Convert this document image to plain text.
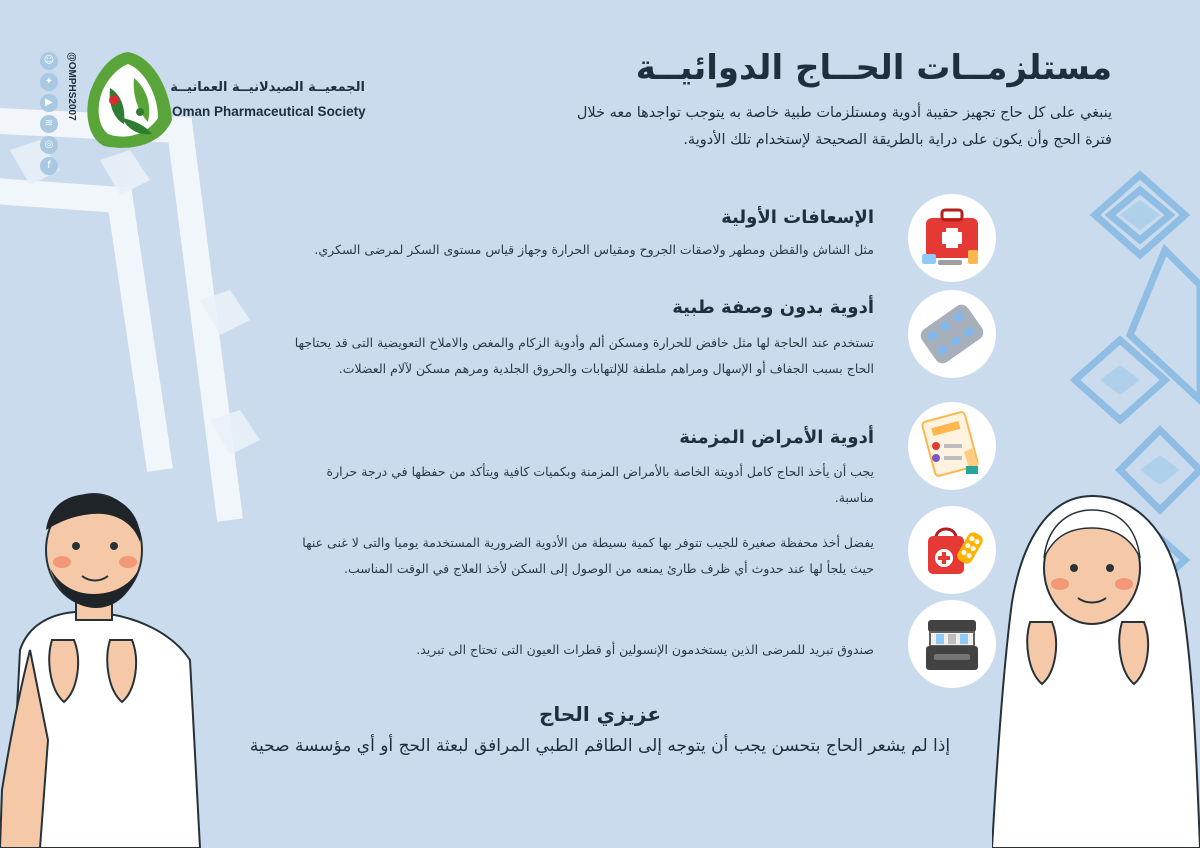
☺
✦
▶
≋
◎
f
@OMPHS2007	الجمعيــة الصيدلانيــة العمانيــة
Oman Pharmaceutical Society
مستلزمــات الحــاج الدوائيــة
ينبغي على كل حاج تجهيز حقيبة أدوية ومستلزمات طبية خاصة به يتوجب تواجدها معه خلال فترة الحج وأن يكون على دراية بالطريقة الصحيحة لإستخدام تلك الأدوية.
الإسعافات الأولية
مثل الشاش والقطن ومطهر ولاصقات الجروح ومقياس الحرارة وجهاز قياس مستوى السكر لمرضى السكري.
أدوية بدون وصفة طبية
تستخدم عند الحاجة لها مثل خافض للحرارة ومسكن ألم وأدوية الزكام والمغص والاملاح التعويضية التى قد يحتاجها الحاج بسبب الجفاف أو الإسهال ومراهم ملطفة للإلتهابات والحروق الجلدية ومرهم مسكن لآلام العضلات.
أدوية الأمراض المزمنة
يجب أن يأخذ الحاج كامل أدويتة الخاصة بالأمراض المزمنة وبكميات كافية ويتأكد من حفظها في درجة حرارة مناسبة.
يفضل أخذ محفظة صغيرة للجيب تتوفر بها كمية بسيطة من الأدوية الضرورية المستخدمة يوميا والتى لا غنى عنها حيث يلجأ لها عند حدوث أي ظرف طارئ يمنعه من الوصول إلى السكن لأخذ العلاج في الوقت المناسب.
صندوق تبريد للمرضى الذين يستخدمون الإنسولين أو قطرات العيون التى تحتاج الى تبريد.
عزيزي الحاج
إذا لم يشعر الحاج بتحسن يجب أن يتوجه إلى الطاقم الطبي المرافق لبعثة الحج أو أي مؤسسة صحية
